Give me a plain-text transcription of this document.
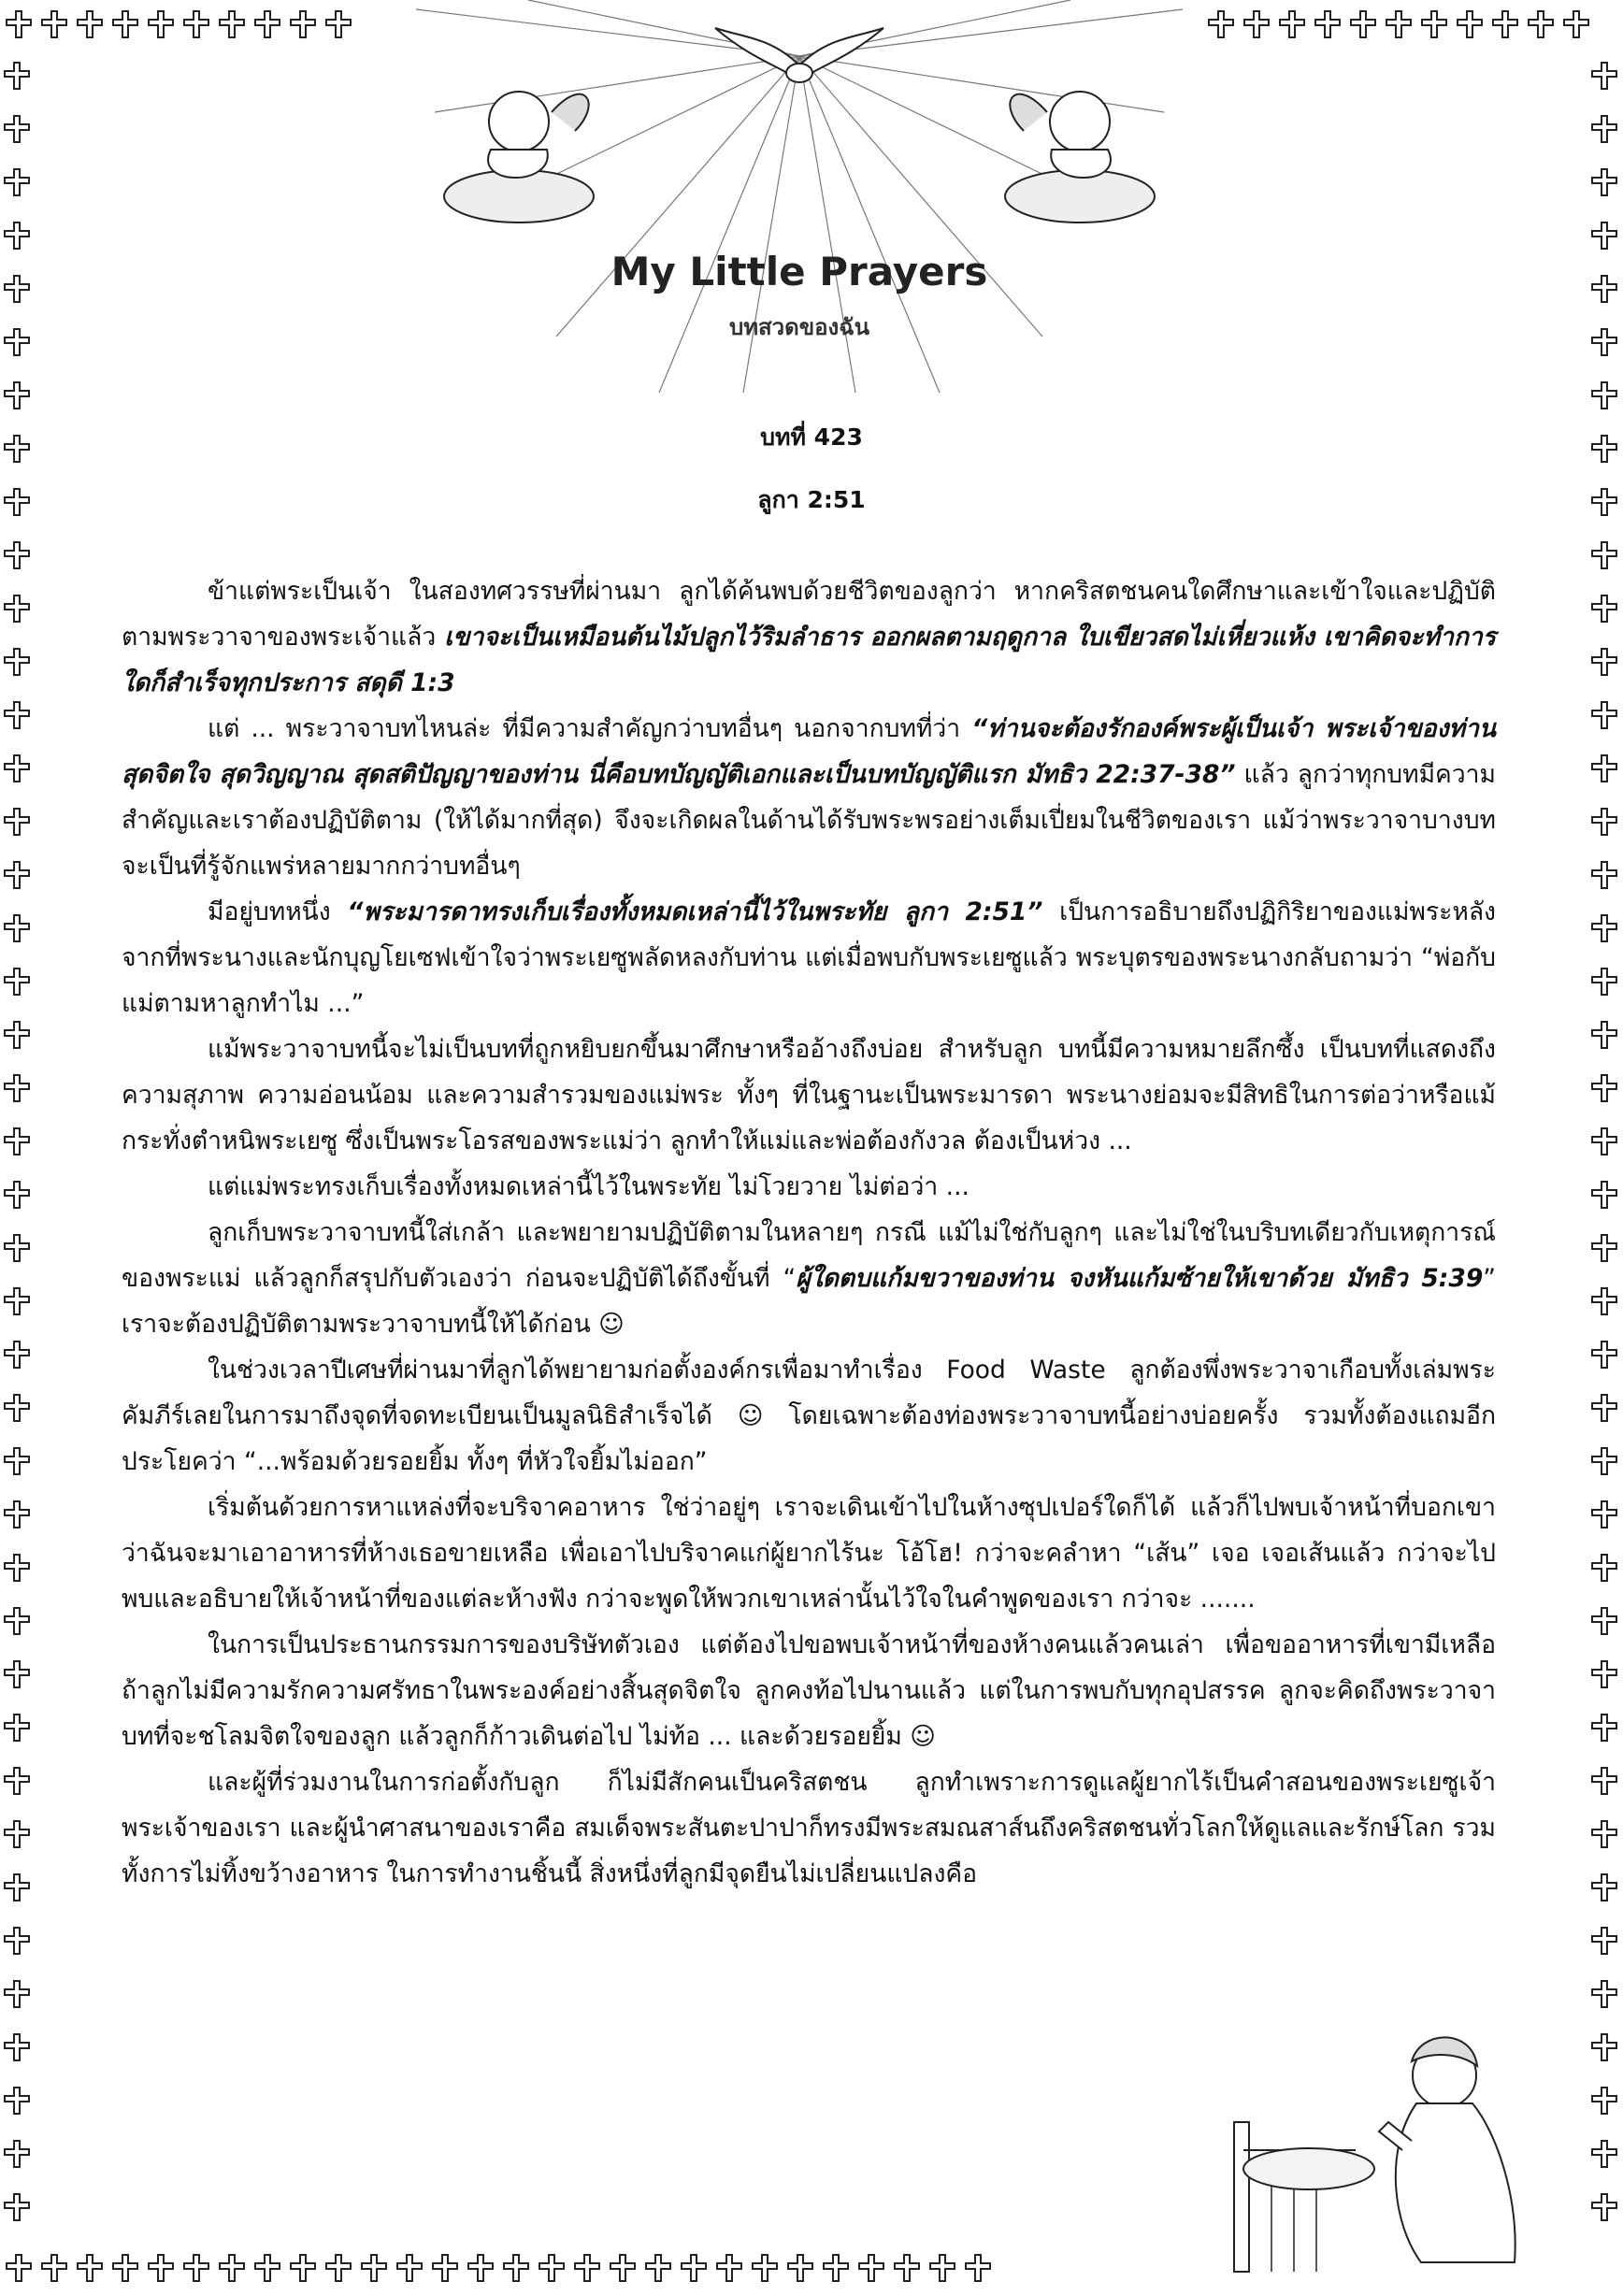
My Little Prayers
บทสวดของฉัน
บทที่ 423
ลูกา 2:51

ข้าแต่พระเป็นเจ้า ในสองทศวรรษที่ผ่านมา ลูกได้ค้นพบด้วยชีวิตของลูกว่า หากคริสตชนคนใดศึกษาและเข้าใจและปฏิบัติตามพระวาจาของพระเจ้าแล้ว เขาจะเป็นเหมือนต้นไม้ปลูกไว้ริมลำธาร ออกผลตามฤดูกาล ใบเขียวสดไม่เหี่ยวแห้ง เขาคิดจะทำการใดก็สำเร็จทุกประการ สดุดี 1:3

แต่ ... พระวาจาบทไหนล่ะ ที่มีความสำคัญกว่าบทอื่นๆ นอกจากบทที่ว่า “ท่านจะต้องรักองค์พระผู้เป็นเจ้า พระเจ้าของท่านสุดจิตใจ สุดวิญญาณ สุดสติปัญญาของท่าน นี่คือบทบัญญัติเอกและเป็นบทบัญญัติแรก มัทธิว 22:37-38” แล้ว ลูกว่าทุกบทมีความสำคัญและเราต้องปฏิบัติตาม (ให้ได้มากที่สุด) จึงจะเกิดผลในด้านได้รับพระพรอย่างเต็มเปี่ยมในชีวิตของเรา แม้ว่าพระวาจาบางบทจะเป็นที่รู้จักแพร่หลายมากกว่าบทอื่นๆ

มีอยู่บทหนึ่ง “พระมารดาทรงเก็บเรื่องทั้งหมดเหล่านี้ไว้ในพระทัย ลูกา 2:51” เป็นการอธิบายถึงปฏิกิริยาของแม่พระหลังจากที่พระนางและนักบุญโยเซฟเข้าใจว่าพระเยซูพลัดหลงกับท่าน แต่เมื่อพบกับพระเยซูแล้ว พระบุตรของพระนางกลับถามว่า “พ่อกับแม่ตามหาลูกทำไม ...”

แม้พระวาจาบทนี้จะไม่เป็นบทที่ถูกหยิบยกขึ้นมาศึกษาหรืออ้างถึงบ่อย สำหรับลูก บทนี้มีความหมายลึกซึ้ง เป็นบทที่แสดงถึงความสุภาพ ความอ่อนน้อม และความสำรวมของแม่พระ ทั้งๆ ที่ในฐานะเป็นพระมารดา พระนางย่อมจะมีสิทธิในการต่อว่าหรือแม้กระทั่งตำหนิพระเยซู ซึ่งเป็นพระโอรสของพระแม่ว่า ลูกทำให้แม่และพ่อต้องกังวล ต้องเป็นห่วง ...

แต่แม่พระทรงเก็บเรื่องทั้งหมดเหล่านี้ไว้ในพระทัย ไม่โวยวาย ไม่ต่อว่า ...

ลูกเก็บพระวาจาบทนี้ใส่เกล้า และพยายามปฏิบัติตามในหลายๆ กรณี แม้ไม่ใช่กับลูกๆ และไม่ใช่ในบริบทเดียวกับเหตุการณ์ของพระแม่ แล้วลูกก็สรุปกับตัวเองว่า ก่อนจะปฏิบัติได้ถึงขั้นที่ “ผู้ใดตบแก้มขวาของท่าน จงหันแก้มซ้ายให้เขาด้วย มัทธิว 5:39” เราจะต้องปฏิบัติตามพระวาจาบทนี้ให้ได้ก่อน ☺

ในช่วงเวลาปีเศษที่ผ่านมาที่ลูกได้พยายามก่อตั้งองค์กรเพื่อมาทำเรื่อง Food Waste ลูกต้องพึ่งพระวาจาเกือบทั้งเล่มพระคัมภีร์เลยในการมาถึงจุดที่จดทะเบียนเป็นมูลนิธิสำเร็จได้ ☺ โดยเฉพาะต้องท่องพระวาจาบทนี้อย่างบ่อยครั้ง รวมทั้งต้องแถมอีกประโยคว่า “...พร้อมด้วยรอยยิ้ม ทั้งๆ ที่หัวใจยิ้มไม่ออก”

เริ่มต้นด้วยการหาแหล่งที่จะบริจาคอาหาร ใช่ว่าอยู่ๆ เราจะเดินเข้าไปในห้างซุปเปอร์ใดก็ได้ แล้วก็ไปพบเจ้าหน้าที่บอกเขาว่าฉันจะมาเอาอาหารที่ห้างเธอขายเหลือ เพื่อเอาไปบริจาคแก่ผู้ยากไร้นะ โอ้โฮ! กว่าจะคลำหา “เส้น” เจอ เจอเส้นแล้ว กว่าจะไปพบและอธิบายให้เจ้าหน้าที่ของแต่ละห้างฟัง กว่าจะพูดให้พวกเขาเหล่านั้นไว้ใจในคำพูดของเรา กว่าจะ .......

ในการเป็นประธานกรรมการของบริษัทตัวเอง แต่ต้องไปขอพบเจ้าหน้าที่ของห้างคนแล้วคนเล่า เพื่อขออาหารที่เขามีเหลือ ถ้าลูกไม่มีความรักความศรัทธาในพระองค์อย่างสิ้นสุดจิตใจ ลูกคงท้อไปนานแล้ว แต่ในการพบกับทุกอุปสรรค ลูกจะคิดถึงพระวาจาบทที่จะชโลมจิตใจของลูก แล้วลูกก็ก้าวเดินต่อไป ไม่ท้อ ... และด้วยรอยยิ้ม ☺

และผู้ที่ร่วมงานในการก่อตั้งกับลูก ก็ไม่มีสักคนเป็นคริสตชน ลูกทำเพราะการดูแลผู้ยากไร้เป็นคำสอนของพระเยซูเจ้า พระเจ้าของเรา และผู้นำศาสนาของเราคือ สมเด็จพระสันตะปาปาก็ทรงมีพระสมณสาส์นถึงคริสตชนทั่วโลกให้ดูแลและรักษ์โลก รวมทั้งการไม่ทิ้งขว้างอาหาร ในการทำงานชิ้นนี้ สิ่งหนึ่งที่ลูกมีจุดยืนไม่เปลี่ยนแปลงคือ
